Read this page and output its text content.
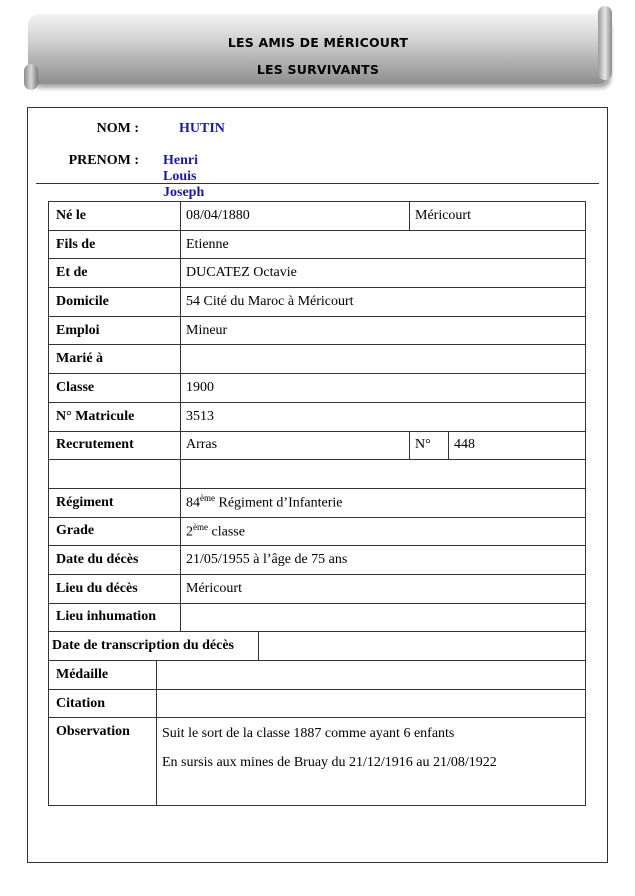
LES AMIS DE MÉRICOURT
LES SURVIVANTS
NOM :	HUTIN
PRENOM : Henri Louis Joseph
Né le		08/04/1880		Méricourt	
Fils de		Etienne			
Et de		DUCATEZ Octavie			
Domicile		54 Cité du Maroc à Méricourt			
Emploi		Mineur			
Marié à					
Classe		1900			
N° Matricule		3513			
Recrutement		Arras		N°	448

Régiment		84ème Régiment d’Infanterie			
Grade		2ème classe			
Date du décès		21/05/1955 à l’âge de 75 ans			
Lieu du décès		Méricourt			
Lieu inhumation					
Date de transcription du décès					
Médaille					
Citation					
Observation	Suit le sort de la classe 1887 comme ayant 6 enfants
En sursis aux mines de Bruay du 21/12/1916 au 21/08/1922				
